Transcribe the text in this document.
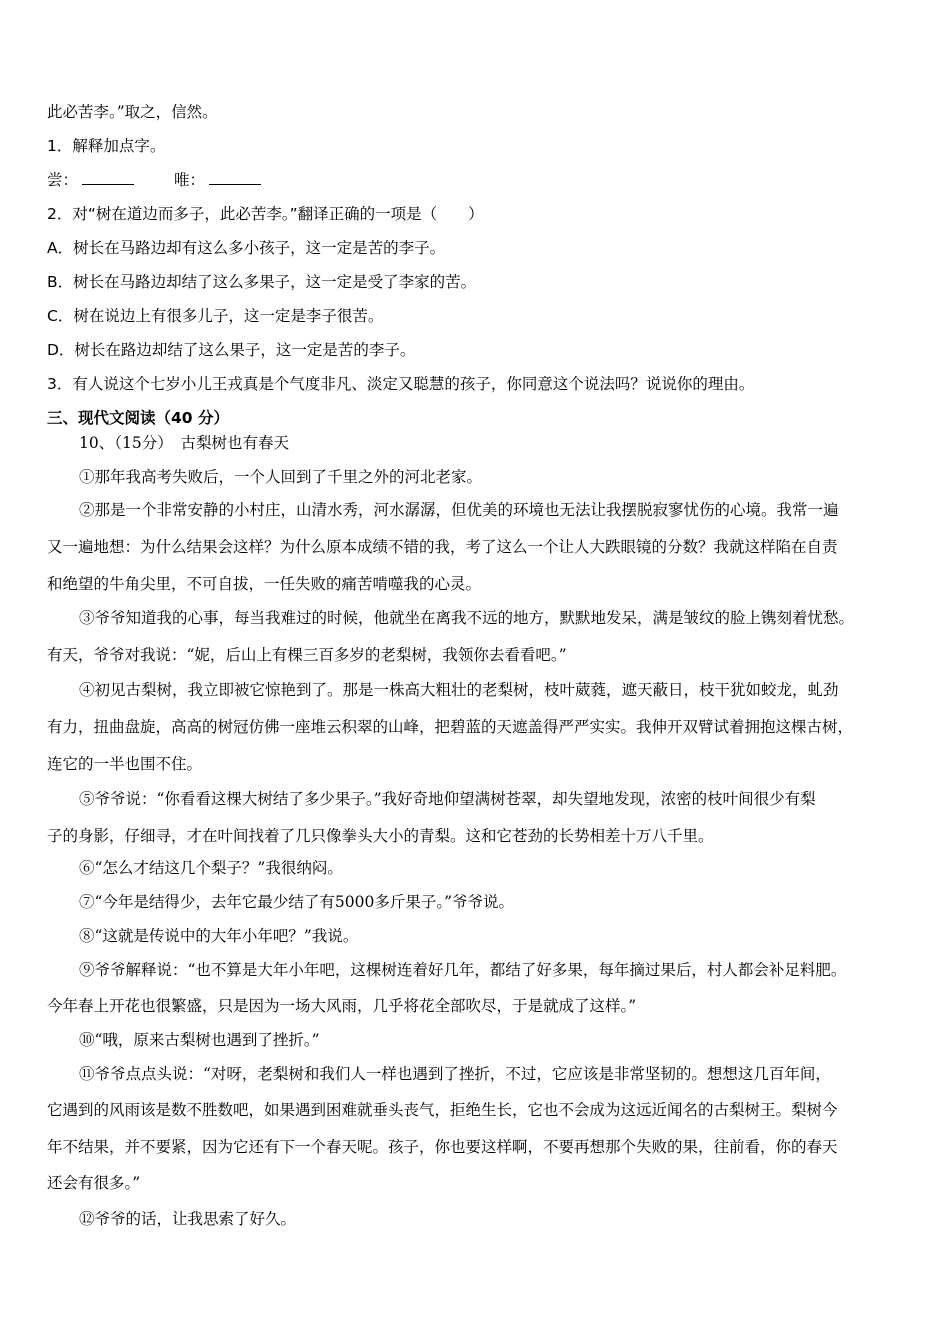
此必苦李。”取之，信然。
1．解释加点字。
尝：	唯：
2．对“树在道边而多子，此必苦李。”翻译正确的一项是（　　）
A．树长在马路边却有这么多小孩子，这一定是苦的李子。
B．树长在马路边却结了这么多果子，这一定是受了李家的苦。
C．树在说边上有很多儿子，这一定是李子很苦。
D．树长在路边却结了这么果子，这一定是苦的李子。
3．有人说这个七岁小儿王戎真是个气度非凡、淡定又聪慧的孩子，你同意这个说法吗？说说你的理由。
三、现代文阅读（40 分）
10、（15分）　古梨树也有春天
①那年我高考失败后，一个人回到了千里之外的河北老家。
②那是一个非常安静的小村庄，山清水秀，河水潺潺，但优美的环境也无法让我摆脱寂寥忧伤的心境。我常一遍
又一遍地想：为什么结果会这样？为什么原本成绩不错的我，考了这么一个让人大跌眼镜的分数？我就这样陷在自责
和绝望的牛角尖里，不可自拔，一任失败的痛苦啃噬我的心灵。
③爷爷知道我的心事，每当我难过的时候，他就坐在离我不远的地方，默默地发呆，满是皱纹的脸上镌刻着忧愁。
有天，爷爷对我说：“妮，后山上有棵三百多岁的老梨树，我领你去看看吧。”
④初见古梨树，我立即被它惊艳到了。那是一株高大粗壮的老梨树，枝叶葳蕤，遮天蔽日，枝干犹如蛟龙，虬劲
有力，扭曲盘旋，高高的树冠仿佛一座堆云积翠的山峰，把碧蓝的天遮盖得严严实实。我伸开双臂试着拥抱这棵古树，
连它的一半也围不住。
⑤爷爷说：“你看看这棵大树结了多少果子。”我好奇地仰望满树苍翠，却失望地发现，浓密的枝叶间很少有梨
子的身影，仔细寻，才在叶间找着了几只像拳头大小的青梨。这和它苍劲的长势相差十万八千里。
⑥“怎么才结这几个梨子？”我很纳闷。
⑦“今年是结得少，去年它最少结了有5000多斤果子。”爷爷说。
⑧“这就是传说中的大年小年吧？”我说。
⑨爷爷解释说：“也不算是大年小年吧，这棵树连着好几年，都结了好多果，每年摘过果后，村人都会补足料肥。
今年春上开花也很繁盛，只是因为一场大风雨，几乎将花全部吹尽，于是就成了这样。”
⑩“哦，原来古梨树也遇到了挫折。”
⑪爷爷点点头说：“对呀，老梨树和我们人一样也遇到了挫折，不过，它应该是非常坚韧的。想想这几百年间，
它遇到的风雨该是数不胜数吧，如果遇到困难就垂头丧气，拒绝生长，它也不会成为这远近闻名的古梨树王。梨树今
年不结果，并不要紧，因为它还有下一个春天呢。孩子，你也要这样啊，不要再想那个失败的果，往前看，你的春天
还会有很多。”
⑫爷爷的话，让我思索了好久。
